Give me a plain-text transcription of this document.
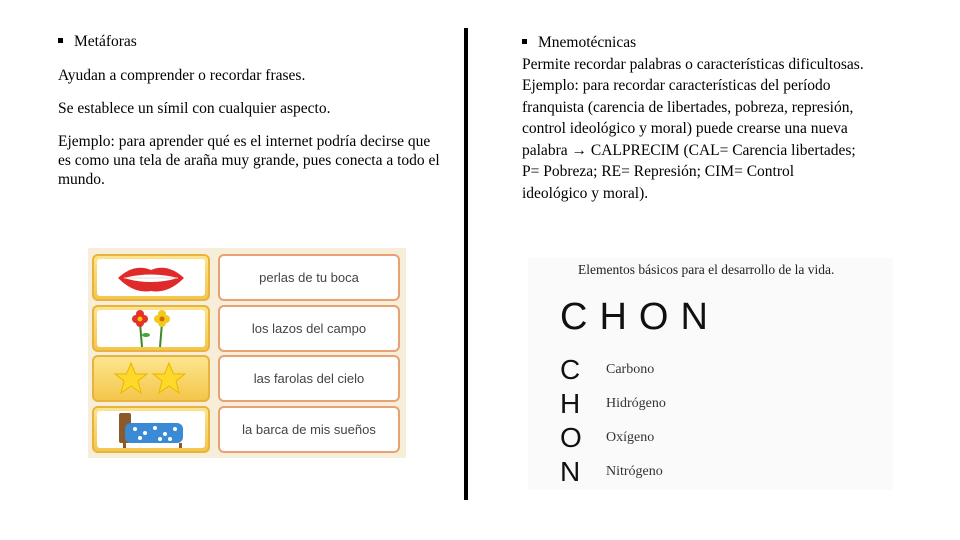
Metáforas

Ayudan a comprender o recordar frases.

Se establece un símil con cualquier aspecto.

Ejemplo: para aprender qué es el internet podría decirse que es como una tela de araña muy grande, pues conecta a todo el mundo.

Mnemotécnicas
Permite recordar palabras o características dificultosas.
Ejemplo: para recordar características del período
franquista (carencia de libertades, pobreza, represión,
control ideológico y moral) puede crearse una nueva
palabra → CALPRECIM (CAL= Carencia libertades;
P= Pobreza; RE= Represión; CIM= Control
ideológico y moral).
perlas de tu boca
los lazos del campo
las farolas del cielo
la barca de mis sueños
Elementos básicos para el desarrollo de la vida.
CHON
C	Carbono
H	Hidrógeno
O	Oxígeno
N	Nitrógeno
